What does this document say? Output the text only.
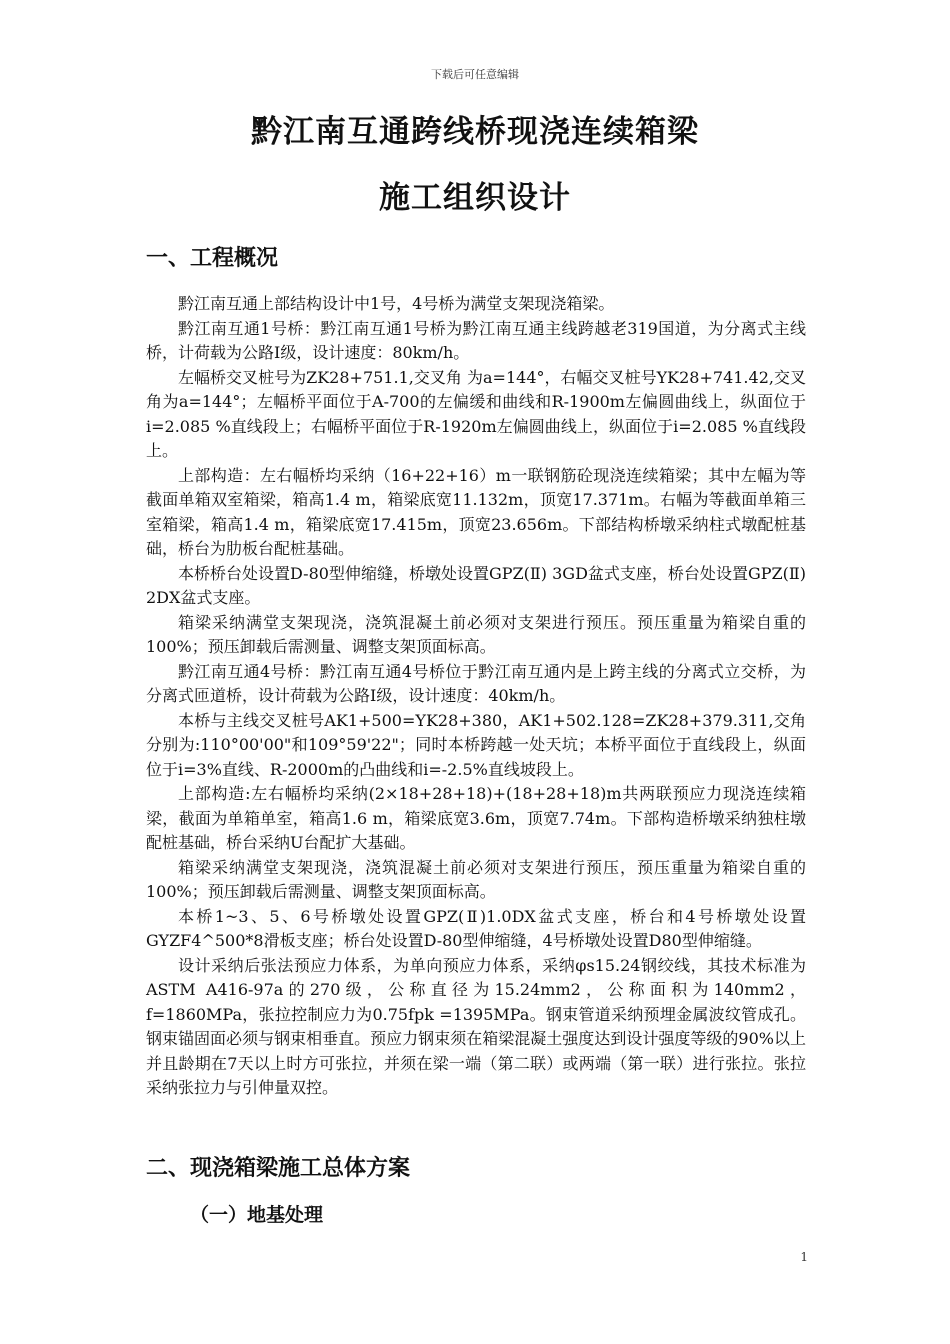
下载后可任意编辑
黔江南互通跨线桥现浇连续箱梁
施工组织设计
一、工程概况

黔江南互通上部结构设计中1号，4号桥为满堂支架现浇箱梁。

黔江南互通1号桥：黔江南互通1号桥为黔江南互通主线跨越老319国道，为分离式主线桥，计荷载为公路Ⅰ级，设计速度：80km/h。

左幅桥交叉桩号为ZK28+751.1,交叉角 为a=144°，右幅交叉桩号YK28+741.42,交叉角为a=144°；左幅桥平面位于A-700的左偏缓和曲线和R-1900m左偏圆曲线上，纵面位于i=2.085 %直线段上；右幅桥平面位于R-1920m左偏圆曲线上，纵面位于i=2.085 %直线段上。

上部构造：左右幅桥均采纳（16+22+16）m一联钢筋砼现浇连续箱梁；其中左幅为等截面单箱双室箱梁，箱高1.4 m，箱梁底宽11.132m，顶宽17.371m。右幅为等截面单箱三室箱梁，箱高1.4 m，箱梁底宽17.415m，顶宽23.656m。下部结构桥墩采纳柱式墩配桩基础，桥台为肋板台配桩基础。

本桥桥台处设置D-80型伸缩缝，桥墩处设置GPZ(Ⅱ) 3GD盆式支座，桥台处设置GPZ(Ⅱ) 2DX盆式支座。

箱梁采纳满堂支架现浇，浇筑混凝土前必须对支架进行预压。预压重量为箱梁自重的100%；预压卸载后需测量、调整支架顶面标高。

黔江南互通4号桥：黔江南互通4号桥位于黔江南互通内是上跨主线的分离式立交桥，为分离式匝道桥，设计荷载为公路Ⅰ级，设计速度：40km/h。

本桥与主线交叉桩号AK1+500=YK28+380，AK1+502.128=ZK28+379.311,交角分别为:110°00'00"和109°59'22"；同时本桥跨越一处天坑；本桥平面位于直线段上，纵面位于i=3%直线、R-2000m的凸曲线和i=-2.5%直线坡段上。

上部构造:左右幅桥均采纳(2×18+28+18)+(18+28+18)m共两联预应力现浇连续箱梁，截面为单箱单室，箱高1.6 m，箱梁底宽3.6m，顶宽7.74m。下部构造桥墩采纳独柱墩配桩基础，桥台采纳U台配扩大基础。

箱梁采纳满堂支架现浇，浇筑混凝土前必须对支架进行预压，预压重量为箱梁自重的100%；预压卸载后需测量、调整支架顶面标高。

本桥1~3、5、6号桥墩处设置GPZ(Ⅱ)1.0DX盆式支座，桥台和4号桥墩处设置GYZF4^500*8滑板支座；桥台处设置D-80型伸缩缝，4号桥墩处设置D80型伸缩缝。

设计采纳后张法预应力体系，为单向预应力体系，采纳φs15.24钢绞线，其技术标准为ASTM A416-97a的270级，公称直径为15.24mm2，公称面积为140mm2，f=1860MPa，张拉控制应力为0.75fpk =1395MPa。钢束管道采纳预埋金属波纹管成孔。钢束锚固面必须与钢束相垂直。预应力钢束须在箱梁混凝土强度达到设计强度等级的90%以上并且龄期在7天以上时方可张拉，并须在梁一端（第二联）或两端（第一联）进行张拉。张拉采纳张拉力与引伸量双控。

二、现浇箱梁施工总体方案
（一）地基处理
1
